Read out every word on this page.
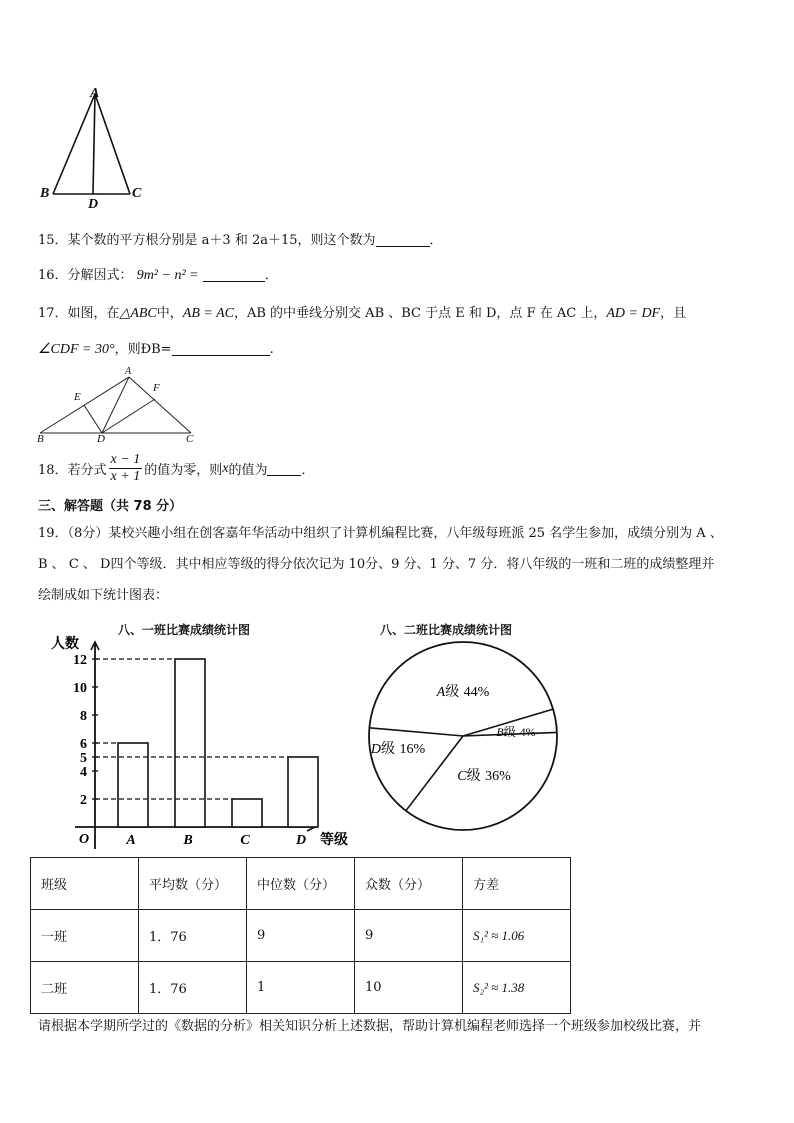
A
B	C
D
15．某个数的平方根分别是 a＋3 和 2a＋15，则这个数为	．
16．分解因式： 9m² − n² =	．
17．如图，在△ABC中，AB = AC，AB 的中垂线分别交 AB 、BC 于点 E 和 D，点 F 在 AC 上，AD = DF，且
∠CDF = 30°，则ÐB=	.
A
E
F
B	D	C
18．若分式 $\frac{x - 1}{x + 1}$ 的值为零，则 x 的值为	．
三、解答题（共 78 分）
19．（8分）某校兴趣小组在创客嘉年华活动中组织了计算机编程比赛，八年级每班派 25 名学生参加，成绩分别为 A 、
B 、 C 、 D四个等级．其中相应等级的得分依次记为 10分、9 分、1 分、7 分．将八年级的一班和二班的成绩整理并
绘制成如下统计图表：
八、一班比赛成绩统计图
人数
等级
O
2
4
5
6
8
10
12
A	B	C	D
八、二班比赛成绩统计图
A级 44%
B级 4%
C级 36%
D级 16%
班级	平均数（分）	中位数（分）	众数（分）	方差
一班	1．76	9	9	S₁² ≈ 1.06
二班	1．76	1	10	S₂² ≈ 1.38
请根据本学期所学过的《数据的分析》相关知识分析上述数据，帮助计算机编程老师选择一个班级参加校级比赛，并
